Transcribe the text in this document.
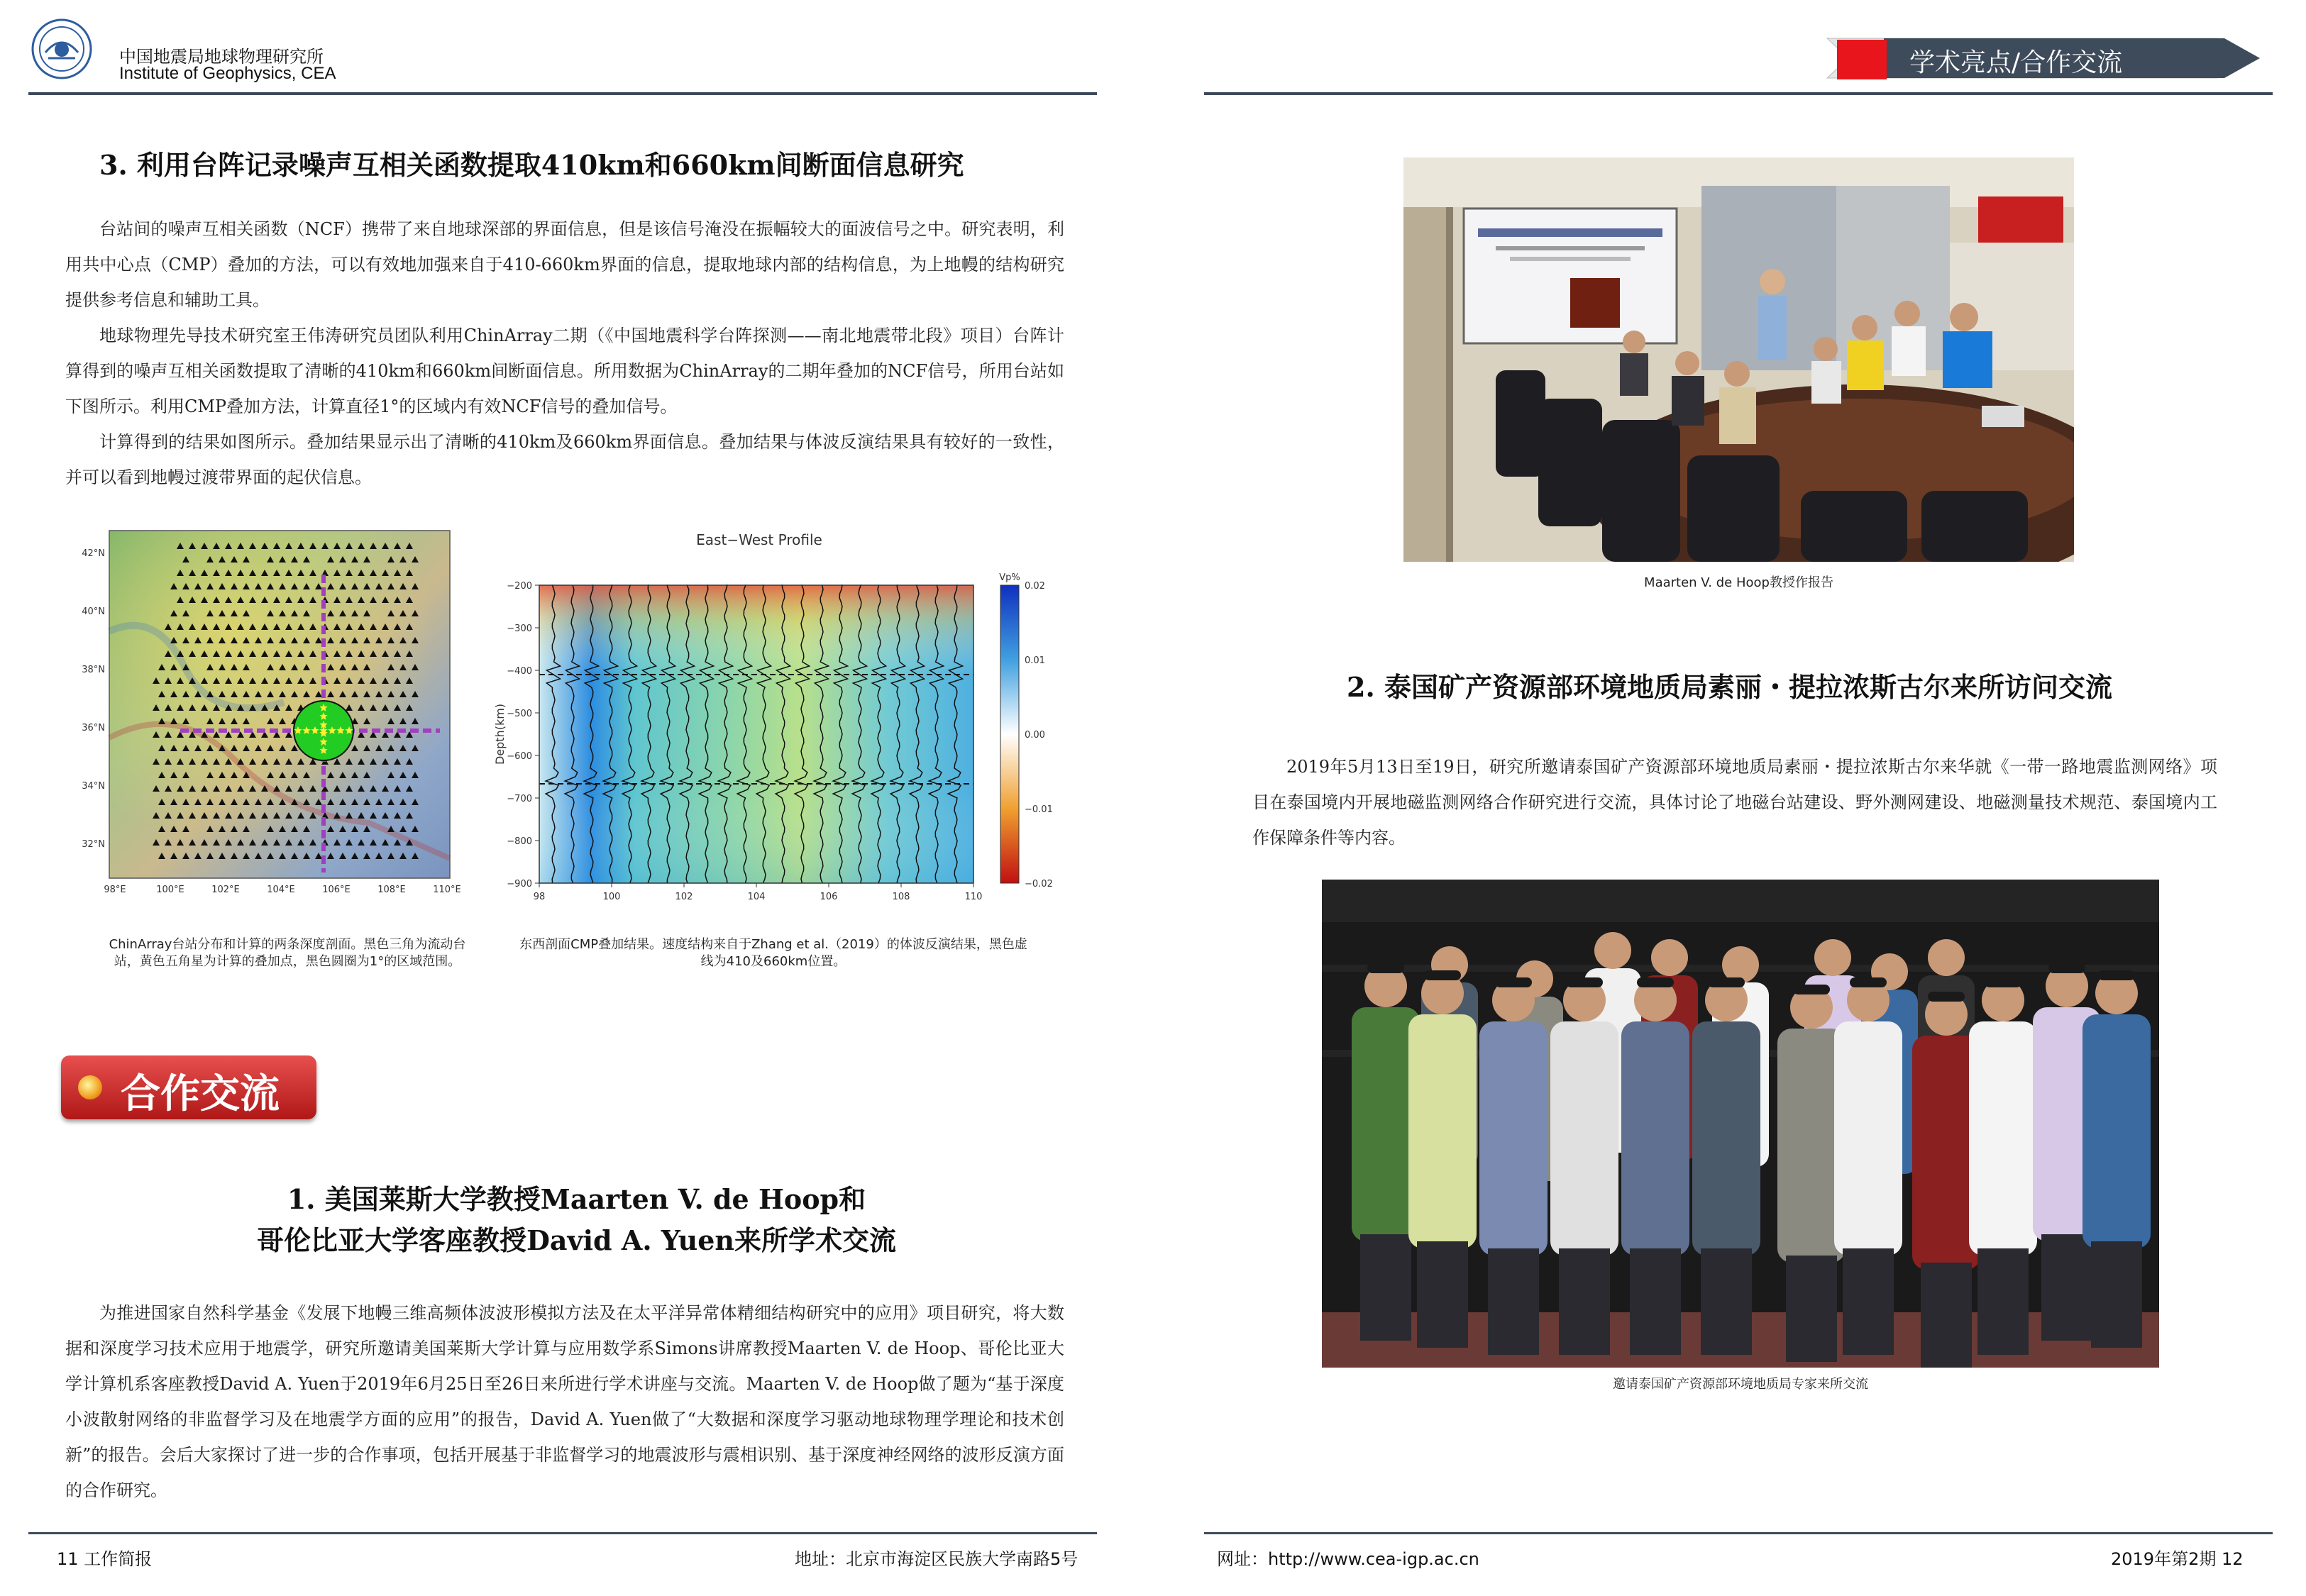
中国地震局地球物理研究所
Institute of Geophysics, CEA
3. 利用台阵记录噪声互相关函数提取410km和660km间断面信息研究

台站间的噪声互相关函数（NCF）携带了来自地球深部的界面信息，但是该信号淹没在振幅较大的面波信号之中。研究表明，利用共中心点（CMP）叠加的方法，可以有效地加强来自于410-660km界面的信息，提取地球内部的结构信息，为上地幔的结构研究提供参考信息和辅助工具。

地球物理先导技术研究室王伟涛研究员团队利用ChinArray二期（《中国地震科学台阵探测——南北地震带北段》项目）台阵计算得到的噪声互相关函数提取了清晰的410km和660km间断面信息。所用数据为ChinArray的二期年叠加的NCF信号，所用台站如下图所示。利用CMP叠加方法，计算直径1°的区域内有效NCF信号的叠加信号。

计算得到的结果如图所示。叠加结果显示出了清晰的410km及660km界面信息。叠加结果与体波反演结果具有较好的一致性，并可以看到地幔过渡带界面的起伏信息。

42°N
40°N
38°N
36°N
34°N
32°N
98°E	100°E	102°E	104°E	106°E	108°E	110°E
ChinArray台站分布和计算的两条深度剖面。黑色三角为流动台站，黄色五角星为计算的叠加点，黑色圆圈为1°的区域范围。
East−West Profile
Depth(km)
−200
−300
−400
−500
−600
−700
−800
−900
98	100	102	104	106	108	110
Vp%
0.02
0.01
0.00
−0.01
−0.02
东西剖面CMP叠加结果。速度结构来自于Zhang et al.（2019）的体波反演结果，黑色虚线为410及660km位置。
合作交流
1. 美国莱斯大学教授Maarten V. de Hoop和
哥伦比亚大学客座教授David A. Yuen来所学术交流

为推进国家自然科学基金《发展下地幔三维高频体波波形模拟方法及在太平洋异常体精细结构研究中的应用》项目研究，将大数据和深度学习技术应用于地震学，研究所邀请美国莱斯大学计算与应用数学系Simons讲席教授Maarten V. de Hoop、哥伦比亚大学计算机系客座教授David A. Yuen于2019年6月25日至26日来所进行学术讲座与交流。Maarten V. de Hoop做了题为“基于深度小波散射网络的非监督学习及在地震学方面的应用”的报告，David A. Yuen做了“大数据和深度学习驱动地球物理学理论和技术创新”的报告。会后大家探讨了进一步的合作事项，包括开展基于非监督学习的地震波形与震相识别、基于深度神经网络的波形反演方面的合作研究。

11 工作简报	地址：北京市海淀区民族大学南路5号
学术亮点/合作交流
Maarten V. de Hoop教授作报告
2. 泰国矿产资源部环境地质局素丽・提拉浓斯古尔来所访问交流

2019年5月13日至19日，研究所邀请泰国矿产资源部环境地质局素丽・提拉浓斯古尔来华就《一带一路地震监测网络》项目在泰国境内开展地磁监测网络合作研究进行交流，具体讨论了地磁台站建设、野外测网建设、地磁测量技术规范、泰国境内工作保障条件等内容。

邀请泰国矿产资源部环境地质局专家来所交流
网址：http://www.cea-igp.ac.cn	2019年第2期 12
